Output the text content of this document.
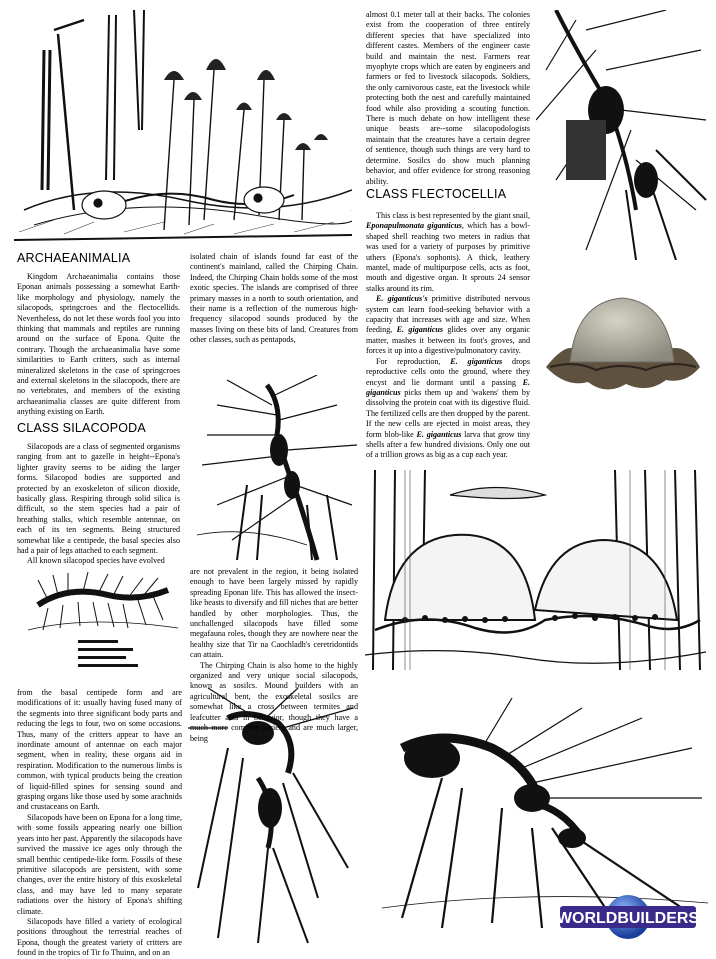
ARCHAEANIMALIA
CLASS SILACOPODA
CLASS FLECTOCELLIA

Kingdom Archaeanimalia contains those Eponan animals possessing a somewhat Earth-like morphology and physiology, namely the silacopods, springcroes and the flectocellids. Nevertheless, do not let these words fool you into thinking that mammals and reptiles are running around on the surface of Epona. Quite the contrary. Though the archaeanimalia have some similarities to Earth critters, such as internal mineralized skeletons in the case of springcroes and external skeletons in the silacopods, there are no vertebrates, and members of the existing archaeanimalia classes are quite different from anything existing on Earth.

Silacopods are a class of segmented organisms ranging from ant to gazelle in height--Epona's lighter gravity seems to be aiding the larger forms. Silacopod bodies are supported and protected by an exoskeleton of silicon dioxide, basically glass. Respiring through solid silica is difficult, so the stem species had a pair of breathing stalks, which resemble antennae, on each of its ten segments. Being structured somewhat like a centipede, the basal species also had a pair of legs attached to each segment.

All known silacopod species have evolved

from the basal centipede form and are modifications of it: usually having fused many of the segments into three significant body parts and reducing the legs to four, two on some occasions. Thus, many of the critters appear to have an inordinate amount of antennae on each major segment, when in reality, these organs aid in respiration. Modification to the numerous limbs is common, with typical products being the creation of liquid-filled spines for sensing sound and grasping organs like those used by some arachnids and crustaceans on Earth.

Silacopods have been on Epona for a long time, with some fossils appearing nearly one billion years into her past. Apparently the silacopods have survived the massive ice ages only through the small benthic centipede-like form. Fossils of these primitive silacopods are persistent, with some changes, over the entire history of this exoskeletal class, and may have led to many separate radiations over the history of Epona's shifting climate.

Silacopods have filled a variety of ecological positions throughout the terrestrial reaches of Epona, though the greatest variety of critters are found in the tropics of Tir fo Thuinn, and on an

isolated chain of islands found far east of the continent's mainland, called the Chirping Chain. Indeed, the Chirping Chain holds some of the most exotic species. The islands are comprised of three primary masses in a north to south orientation, and their name is a reflection of the numerous high-frequency silacopod sounds produced by the masses living on these bits of land. Creatures from other classes, such as pentapods,

are not prevalent in the region, it being isolated enough to have been largely missed by rapidly spreading Eponan life. This has allowed the insect-like beasts to diversify and fill niches that are better handled by other morphologies. Thus, the unchallenged silacopods have filled some megafauna roles, though they are nowhere near the healthy size that Tir na Caochladh's ceretridontids can attain.

The Chirping Chain is also home to the highly organized and very unique social silacopods, known as sosilcs. Mound builders with an agricultural bent, the exoskeletal sosilcs are somewhat like a cross between termites and leafcutter ants in behavior, though they have a much more complex society and are much larger, being

almost 0.1 meter tall at their backs. The colonies exist from the cooperation of three entirely different species that have specialized into different castes. Members of the engineer caste build and maintain the nest. Farmers rear myophyte crops which are eaten by engineers and farmers or fed to livestock silacopods. Soldiers, the only carnivorous caste, eat the livestock while protecting both the nest and carefully maintained food while also providing a scouting function. There is much debate on how intelligent these unique beasts are--some silacopodologists maintain that the creatures have a certain degree of sentience, though such things are very hard to determine. Sosilcs do show much planning behavior, and offer evidence for strong reasoning ability.

This class is best represented by the giant snail, Eponapulmonata giganticus, which has a bowl-shaped shell reaching two meters in radius that was used for a variety of purposes by primitive uthers (Epona's sophonts). A thick, leathery mantel, made of multipurpose cells, acts as foot, mouth and digestive organ. It sprouts 24 sensor stalks around its rim.

E. giganticus's primitive distributed nervous system can learn food-seeking behavior with a capacity that increases with age and size. When feeding, E. giganticus glides over any organic matter, mashes it between its foot's groves, and forces it up into a digestive/pulmonatory cavity.

For reproduction, E. giganticus drops reproductive cells onto the ground, where they encyst and lie dormant until a passing E. giganticus picks them up and 'wakens' them by dissolving the protein coat with its digestive fluid. The fertilized cells are then dropped by the parent. If the new cells are ejected in moist areas, they form blob-like E. giganticus larva that grow tiny shells after a few hundred divisions. Only one out of a trillion grows as big as a cup each year.

WORLDBUILDERS
